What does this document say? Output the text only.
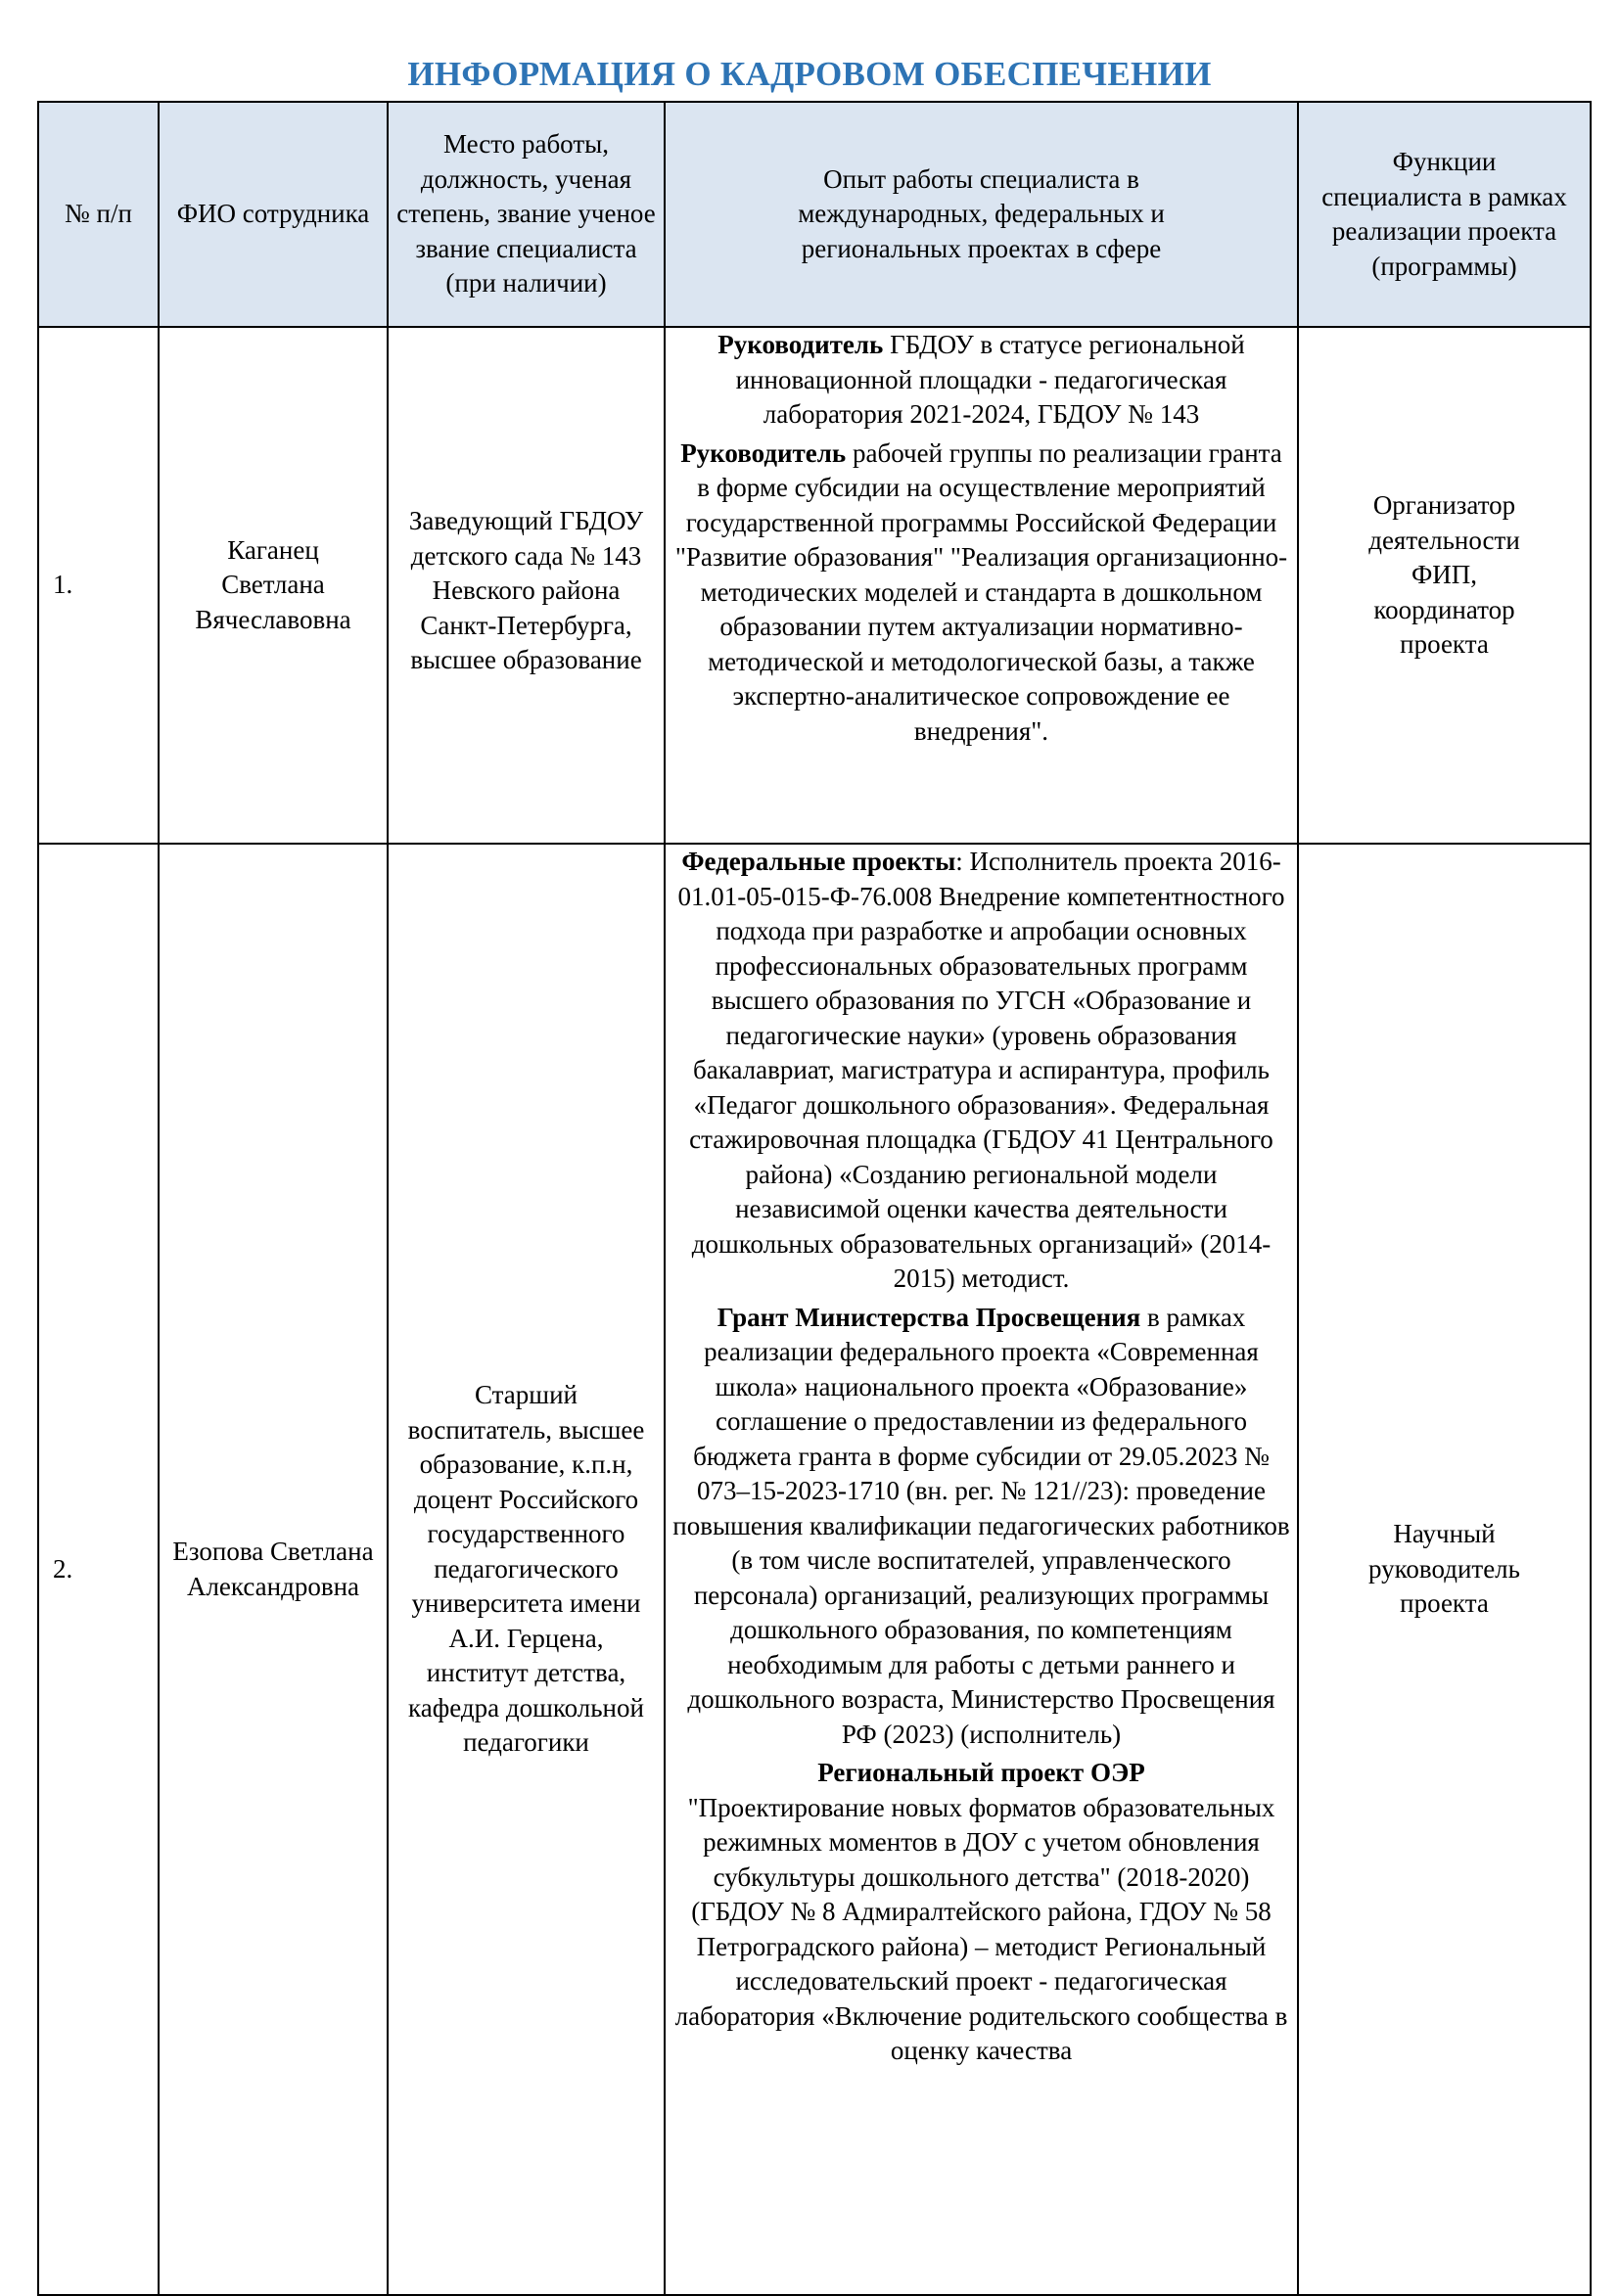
ИНФОРМАЦИЯ О КАДРОВОМ ОБЕСПЕЧЕНИИ
№ п/п	ФИО сотрудника	Место работы, должность, ученая степень, звание ученое звание специалиста (при наличии)	Опыт работы специалиста в международных, федеральных и региональных проектах в сфере	Функции специалиста в рамках реализации проекта (программы)
1.	Каганец Светлана Вячеславовна	Заведующий ГБДОУ детского сада № 143 Невского района Санкт-Петербурга, высшее образование	Руководитель ГБДОУ в статусе региональной инновационной площадки - педагогическая лаборатория 2021-2024, ГБДОУ № 143

Руководитель рабочей группы по реализации гранта в форме субсидии на осуществление мероприятий государственной программы Российской Федерации "Развитие образования" "Реализация организационно-методических моделей и стандарта в дошкольном образовании путем актуализации нормативно-методической и методологической базы, а также экспертно-аналитическое сопровождение ее внедрения".	Организатор деятельности ФИП, координатор проекта
2.	Езопова Светлана Александровна	Старший воспитатель, высшее образование, к.п.н, доцент Российского государственного педагогического университета имени А.И. Герцена, институт детства, кафедра дошкольной педагогики	Федеральные проекты: Исполнитель проекта 2016-01.01-05-015-Ф-76.008 Внедрение компетентностного подхода при разработке и апробации основных профессиональных образовательных программ высшего образования по УГСН «Образование и педагогические науки» (уровень образования бакалавриат, магистратура и аспирантура, профиль «Педагог дошкольного образования». Федеральная стажировочная площадка (ГБДОУ 41 Центрального района) «Созданию региональной модели независимой оценки качества деятельности дошкольных образовательных организаций» (2014-2015) методист.

Грант Министерства Просвещения в рамках реализации федерального проекта «Современная школа» национального проекта «Образование» соглашение о предоставлении из федерального бюджета гранта в форме субсидии от 29.05.2023 № 073–15-2023-1710 (вн. рег. № 121//23): проведение повышения квалификации педагогических работников (в том числе воспитателей, управленческого персонала) организаций, реализующих программы дошкольного образования, по компетенциям необходимым для работы с детьми раннего и дошкольного возраста, Министерство Просвещения РФ (2023) (исполнитель)

Региональный проект ОЭР
"Проектирование новых форматов образовательных режимных моментов в ДОУ с учетом обновления субкультуры дошкольного детства" (2018-2020) (ГБДОУ № 8 Адмиралтейского района, ГДОУ № 58 Петроградского района) – методист Региональный исследовательский проект - педагогическая лаборатория «Включение родительского сообщества в оценку качества	Научный руководитель проекта
